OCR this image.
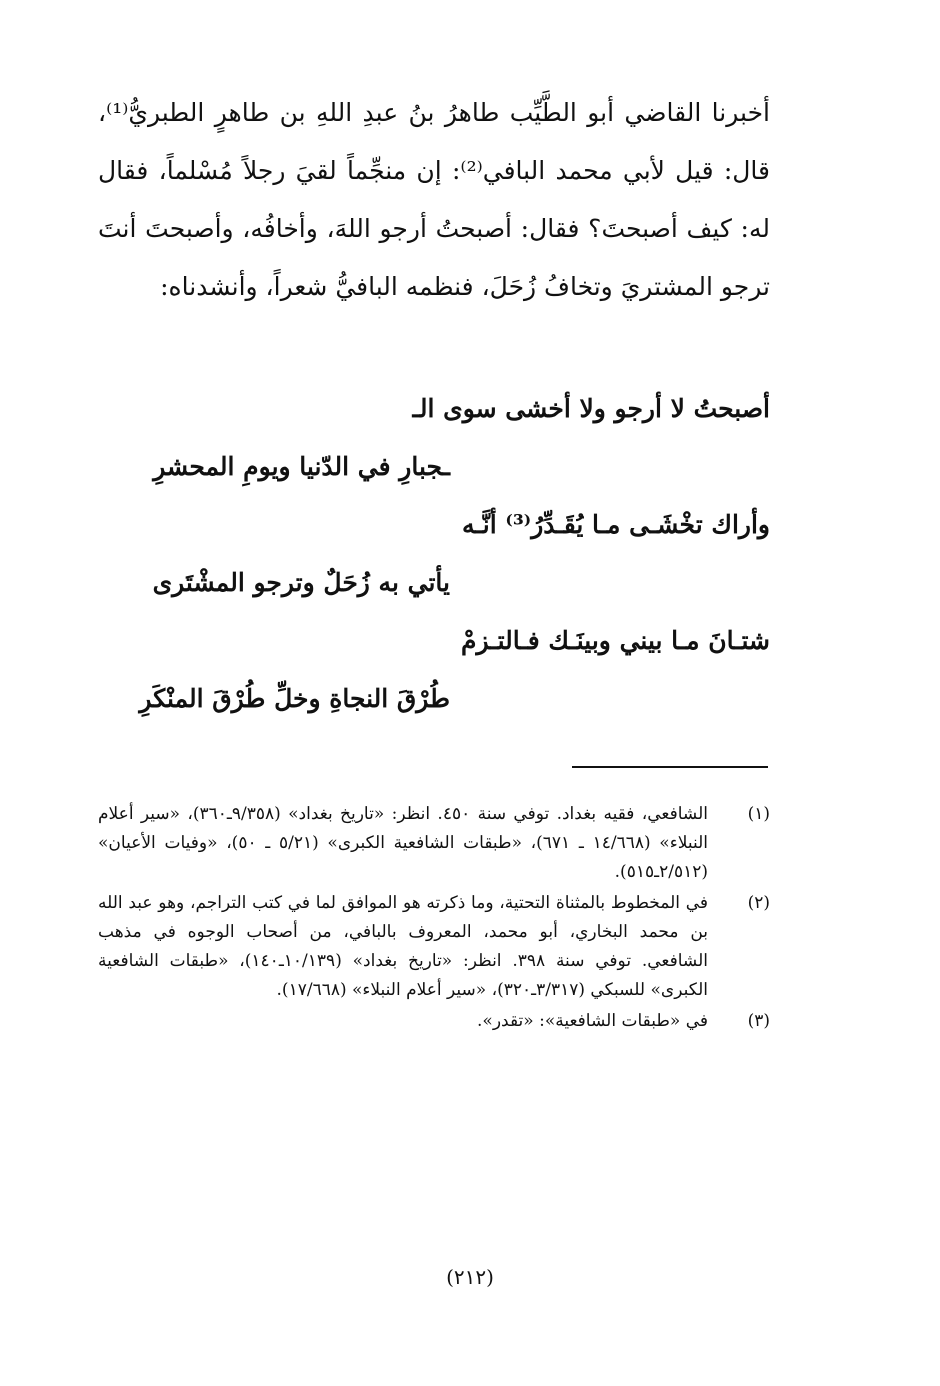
أخبرنا القاضي أبو الطَّيِّب طاهرُ بنُ عبدِ اللهِ بن طاهرٍ الطبريُّ⁽¹⁾، قال: قيل لأبي محمد البافي⁽²⁾: إن منجِّماً لقيَ رجلاً مُسْلماً، فقال له: كيف أصبحتَ؟ فقال: أصبحتُ أرجو اللهَ، وأخافُه، وأصبحتَ أنتَ ترجو المشتريَ وتخافُ زُحَلَ، فنظمه البافيُّ شعراً، وأنشدناه:

أصبحتُ لا أرجو ولا أخشى سوى الـ

ـجبارِ في الدّنيا ويومِ المحشرِ

وأراك تخْشَـى مـا يُقَـدِّرُ⁽³⁾ أنَّـه

يأتي به زُحَلٌ وترجو المشْتَرى

شتـانَ مـا بيني وبينَـك فـالتـزمْ

طُرْقَ النجاةِ وخلِّ طُرْقَ المنْكَرِ

(١)
الشافعي، فقيه بغداد. توفي سنة ٤٥٠. انظر: «تاريخ بغداد» (٩/٣٥٨ـ٣٦٠)، «سير أعلام النبلاء» (١٤/٦٦٨ ـ ٦٧١)، «طبقات الشافعية الكبرى» (٥/٢١ ـ ٥٠)، «وفيات الأعيان» (٢/٥١٢ـ٥١٥).
(٢)
في المخطوط بالمثناة التحتية، وما ذكرته هو الموافق لما في كتب التراجم، وهو عبد الله بن محمد البخاري، أبو محمد، المعروف بالبافي، من أصحاب الوجوه في مذهب الشافعي. توفي سنة ٣٩٨. انظر: «تاريخ بغداد» (١٠/١٣٩ـ١٤٠)، «طبقات الشافعية الكبرى» للسبكي (٣/٣١٧ـ٣٢٠)، «سير أعلام النبلاء» (١٧/٦٦٨).
(٣)
في «طبقات الشافعية»: «تقدر».
(٢١٢)
